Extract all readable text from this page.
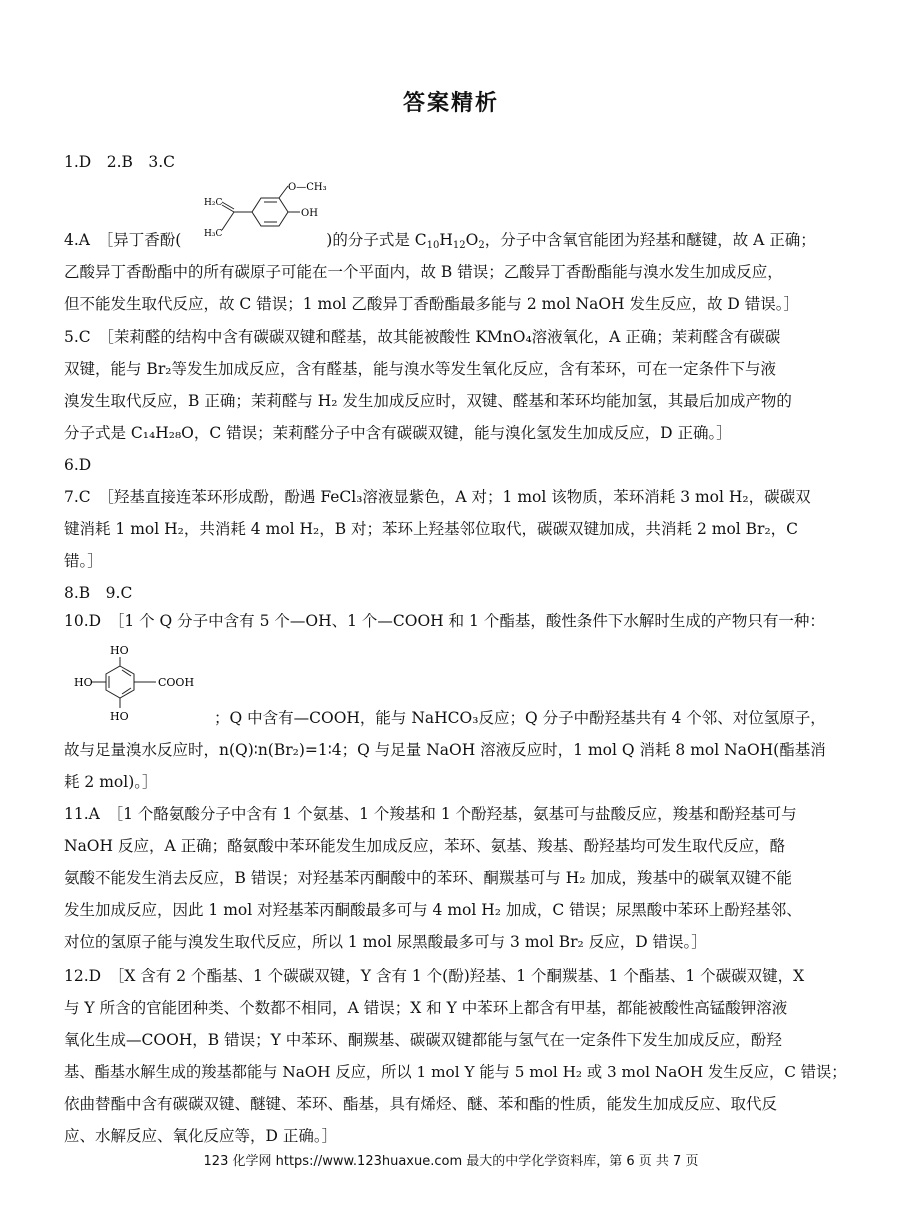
答案精析
1.D　2.B　3.C
H₂C
H₃C
O—CH₃
OH
4.A　［异丁香酚(	)的分子式是 $C_{10}H_{12}O_2$，分子中含氧官能团为羟基和醚键，故 A 正确；
乙酸异丁香酚酯中的所有碳原子可能在一个平面内，故 B 错误；乙酸异丁香酚酯能与溴水发生加成反应，
但不能发生取代反应，故 C 错误；1 mol 乙酸异丁香酚酯最多能与 2 mol NaOH 发生反应，故 D 错误。］
5.C　［茉莉醛的结构中含有碳碳双键和醛基，故其能被酸性 KMnO₄溶液氧化，A 正确；茉莉醛含有碳碳
双键，能与 Br₂等发生加成反应，含有醛基，能与溴水等发生氧化反应，含有苯环，可在一定条件下与液
溴发生取代反应，B 正确；茉莉醛与 H₂ 发生加成反应时，双键、醛基和苯环均能加氢，其最后加成产物的
分子式是 C₁₄H₂₈O，C 错误；茉莉醛分子中含有碳碳双键，能与溴化氢发生加成反应，D 正确。］
6.D
7.C　［羟基直接连苯环形成酚，酚遇 FeCl₃溶液显紫色，A 对；1 mol 该物质，苯环消耗 3 mol H₂，碳碳双
键消耗 1 mol H₂，共消耗 4 mol H₂，B 对；苯环上羟基邻位取代，碳碳双键加成，共消耗 2 mol Br₂，C
错。］
8.B　9.C
10.D　［1 个 Q 分子中含有 5 个—OH、1 个—COOH 和 1 个酯基，酸性条件下水解时生成的产物只有一种：
HO
HO	COOH
HO	；Q 中含有—COOH，能与 NaHCO₃反应；Q 分子中酚羟基共有 4 个邻、对位氢原子，
故与足量溴水反应时，n(Q)∶n(Br₂)=1∶4；Q 与足量 NaOH 溶液反应时，1 mol Q 消耗 8 mol NaOH(酯基消
耗 2 mol)。］
11.A　［1 个酪氨酸分子中含有 1 个氨基、1 个羧基和 1 个酚羟基，氨基可与盐酸反应，羧基和酚羟基可与
NaOH 反应，A 正确；酪氨酸中苯环能发生加成反应，苯环、氨基、羧基、酚羟基均可发生取代反应，酪
氨酸不能发生消去反应，B 错误；对羟基苯丙酮酸中的苯环、酮羰基可与 H₂ 加成，羧基中的碳氧双键不能
发生加成反应，因此 1 mol 对羟基苯丙酮酸最多可与 4 mol H₂ 加成，C 错误；尿黑酸中苯环上酚羟基邻、
对位的氢原子能与溴发生取代反应，所以 1 mol 尿黑酸最多可与 3 mol Br₂ 反应，D 错误。］
12.D　［X 含有 2 个酯基、1 个碳碳双键，Y 含有 1 个(酚)羟基、1 个酮羰基、1 个酯基、1 个碳碳双键，X
与 Y 所含的官能团种类、个数都不相同，A 错误；X 和 Y 中苯环上都含有甲基，都能被酸性高锰酸钾溶液
氧化生成—COOH，B 错误；Y 中苯环、酮羰基、碳碳双键都能与氢气在一定条件下发生加成反应，酚羟
基、酯基水解生成的羧基都能与 NaOH 反应，所以 1 mol Y 能与 5 mol H₂ 或 3 mol NaOH 发生反应，C 错误；
依曲替酯中含有碳碳双键、醚键、苯环、酯基，具有烯烃、醚、苯和酯的性质，能发生加成反应、取代反
应、水解反应、氧化反应等，D 正确。］
123 化学网 https://www.123huaxue.com 最大的中学化学资料库，第 6 页 共 7 页
